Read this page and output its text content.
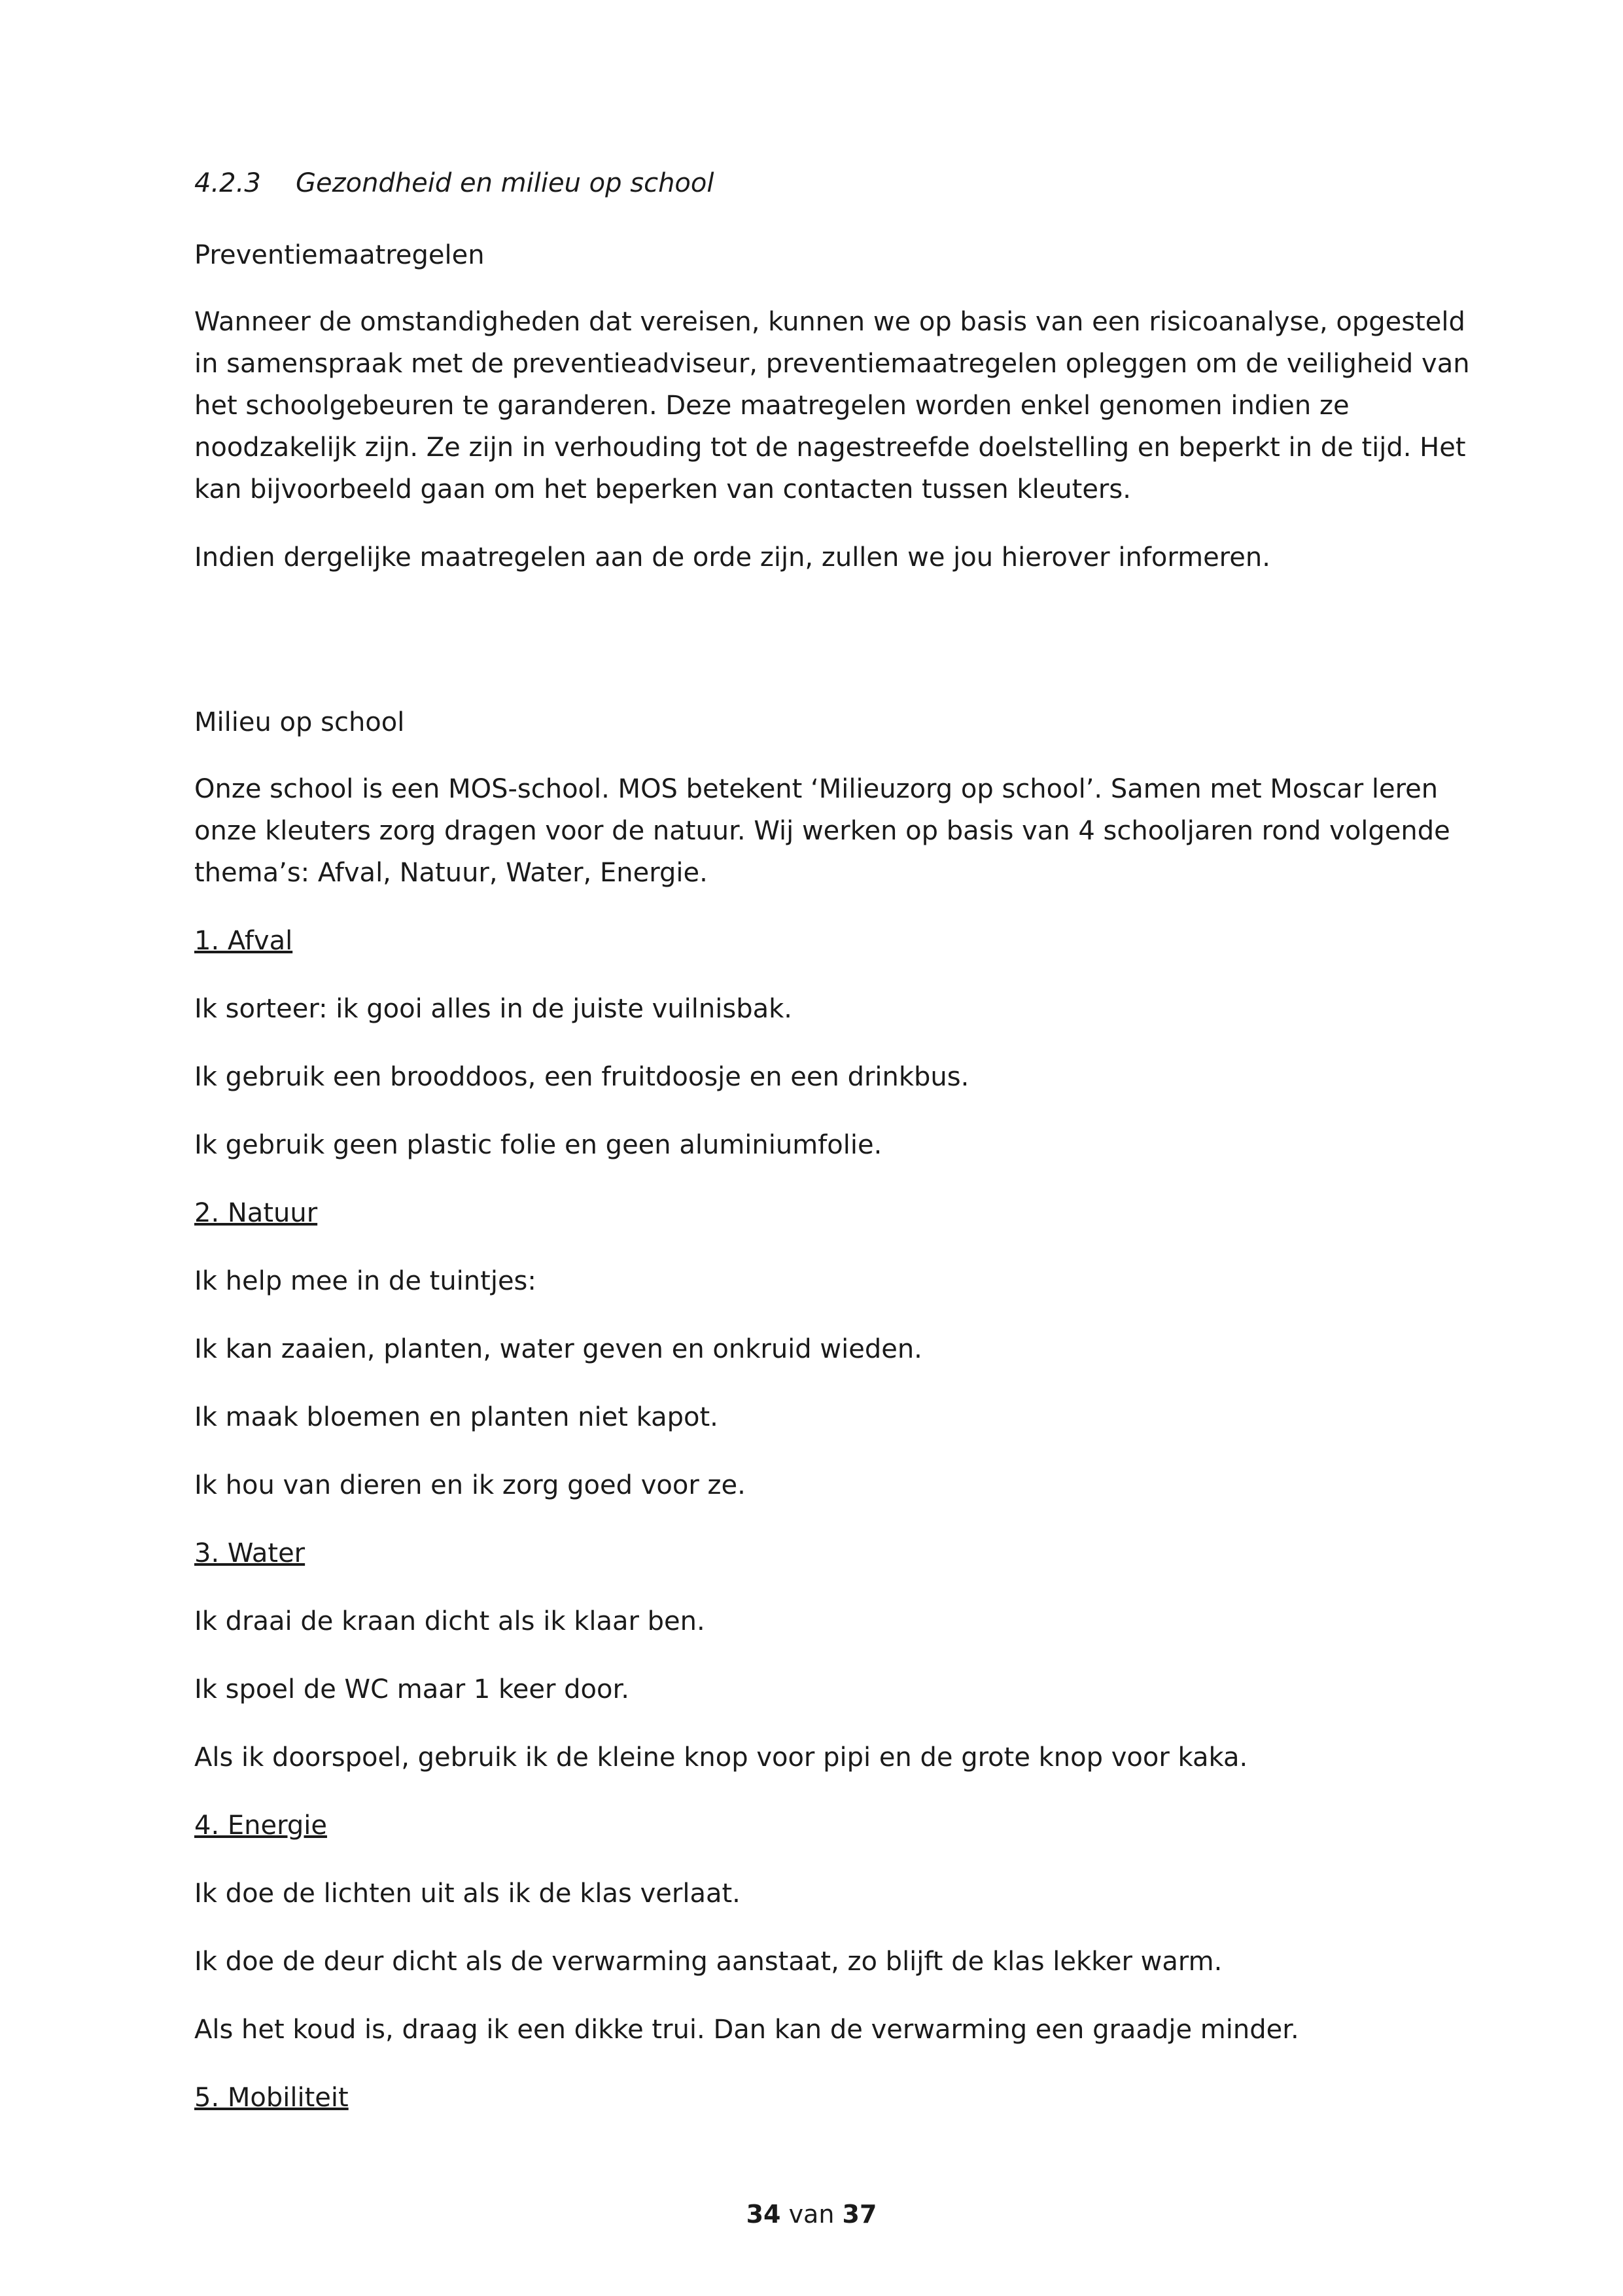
4.2.3 Gezondheid en milieu op school
Preventiemaatregelen

Wanneer de omstandigheden dat vereisen, kunnen we op basis van een risicoanalyse, opgesteld in samenspraak met de preventieadviseur, preventiemaatregelen opleggen om de veiligheid van het schoolgebeuren te garanderen. Deze maatregelen worden enkel genomen indien ze noodzakelijk zijn. Ze zijn in verhouding tot de nagestreefde doelstelling en beperkt in de tijd. Het kan bijvoorbeeld gaan om het beperken van contacten tussen kleuters.

Indien dergelijke maatregelen aan de orde zijn, zullen we jou hierover informeren.

Milieu op school

Onze school is een MOS-school. MOS betekent ‘Milieuzorg op school’. Samen met Moscar leren onze kleuters zorg dragen voor de natuur. Wij werken op basis van 4 schooljaren rond volgende thema’s: Afval, Natuur, Water, Energie.

1. Afval
Ik sorteer: ik gooi alles in de juiste vuilnisbak.
Ik gebruik een brooddoos, een fruitdoosje en een drinkbus.
Ik gebruik geen plastic folie en geen aluminiumfolie.
2. Natuur
Ik help mee in de tuintjes:
Ik kan zaaien, planten, water geven en onkruid wieden.
Ik maak bloemen en planten niet kapot.
Ik hou van dieren en ik zorg goed voor ze.
3. Water
Ik draai de kraan dicht als ik klaar ben.
Ik spoel de WC maar 1 keer door.
Als ik doorspoel, gebruik ik de kleine knop voor pipi en de grote knop voor kaka.
4. Energie
Ik doe de lichten uit als ik de klas verlaat.
Ik doe de deur dicht als de verwarming aanstaat, zo blijft de klas lekker warm.
Als het koud is, draag ik een dikke trui. Dan kan de verwarming een graadje minder.
5. Mobiliteit
34 van 37
